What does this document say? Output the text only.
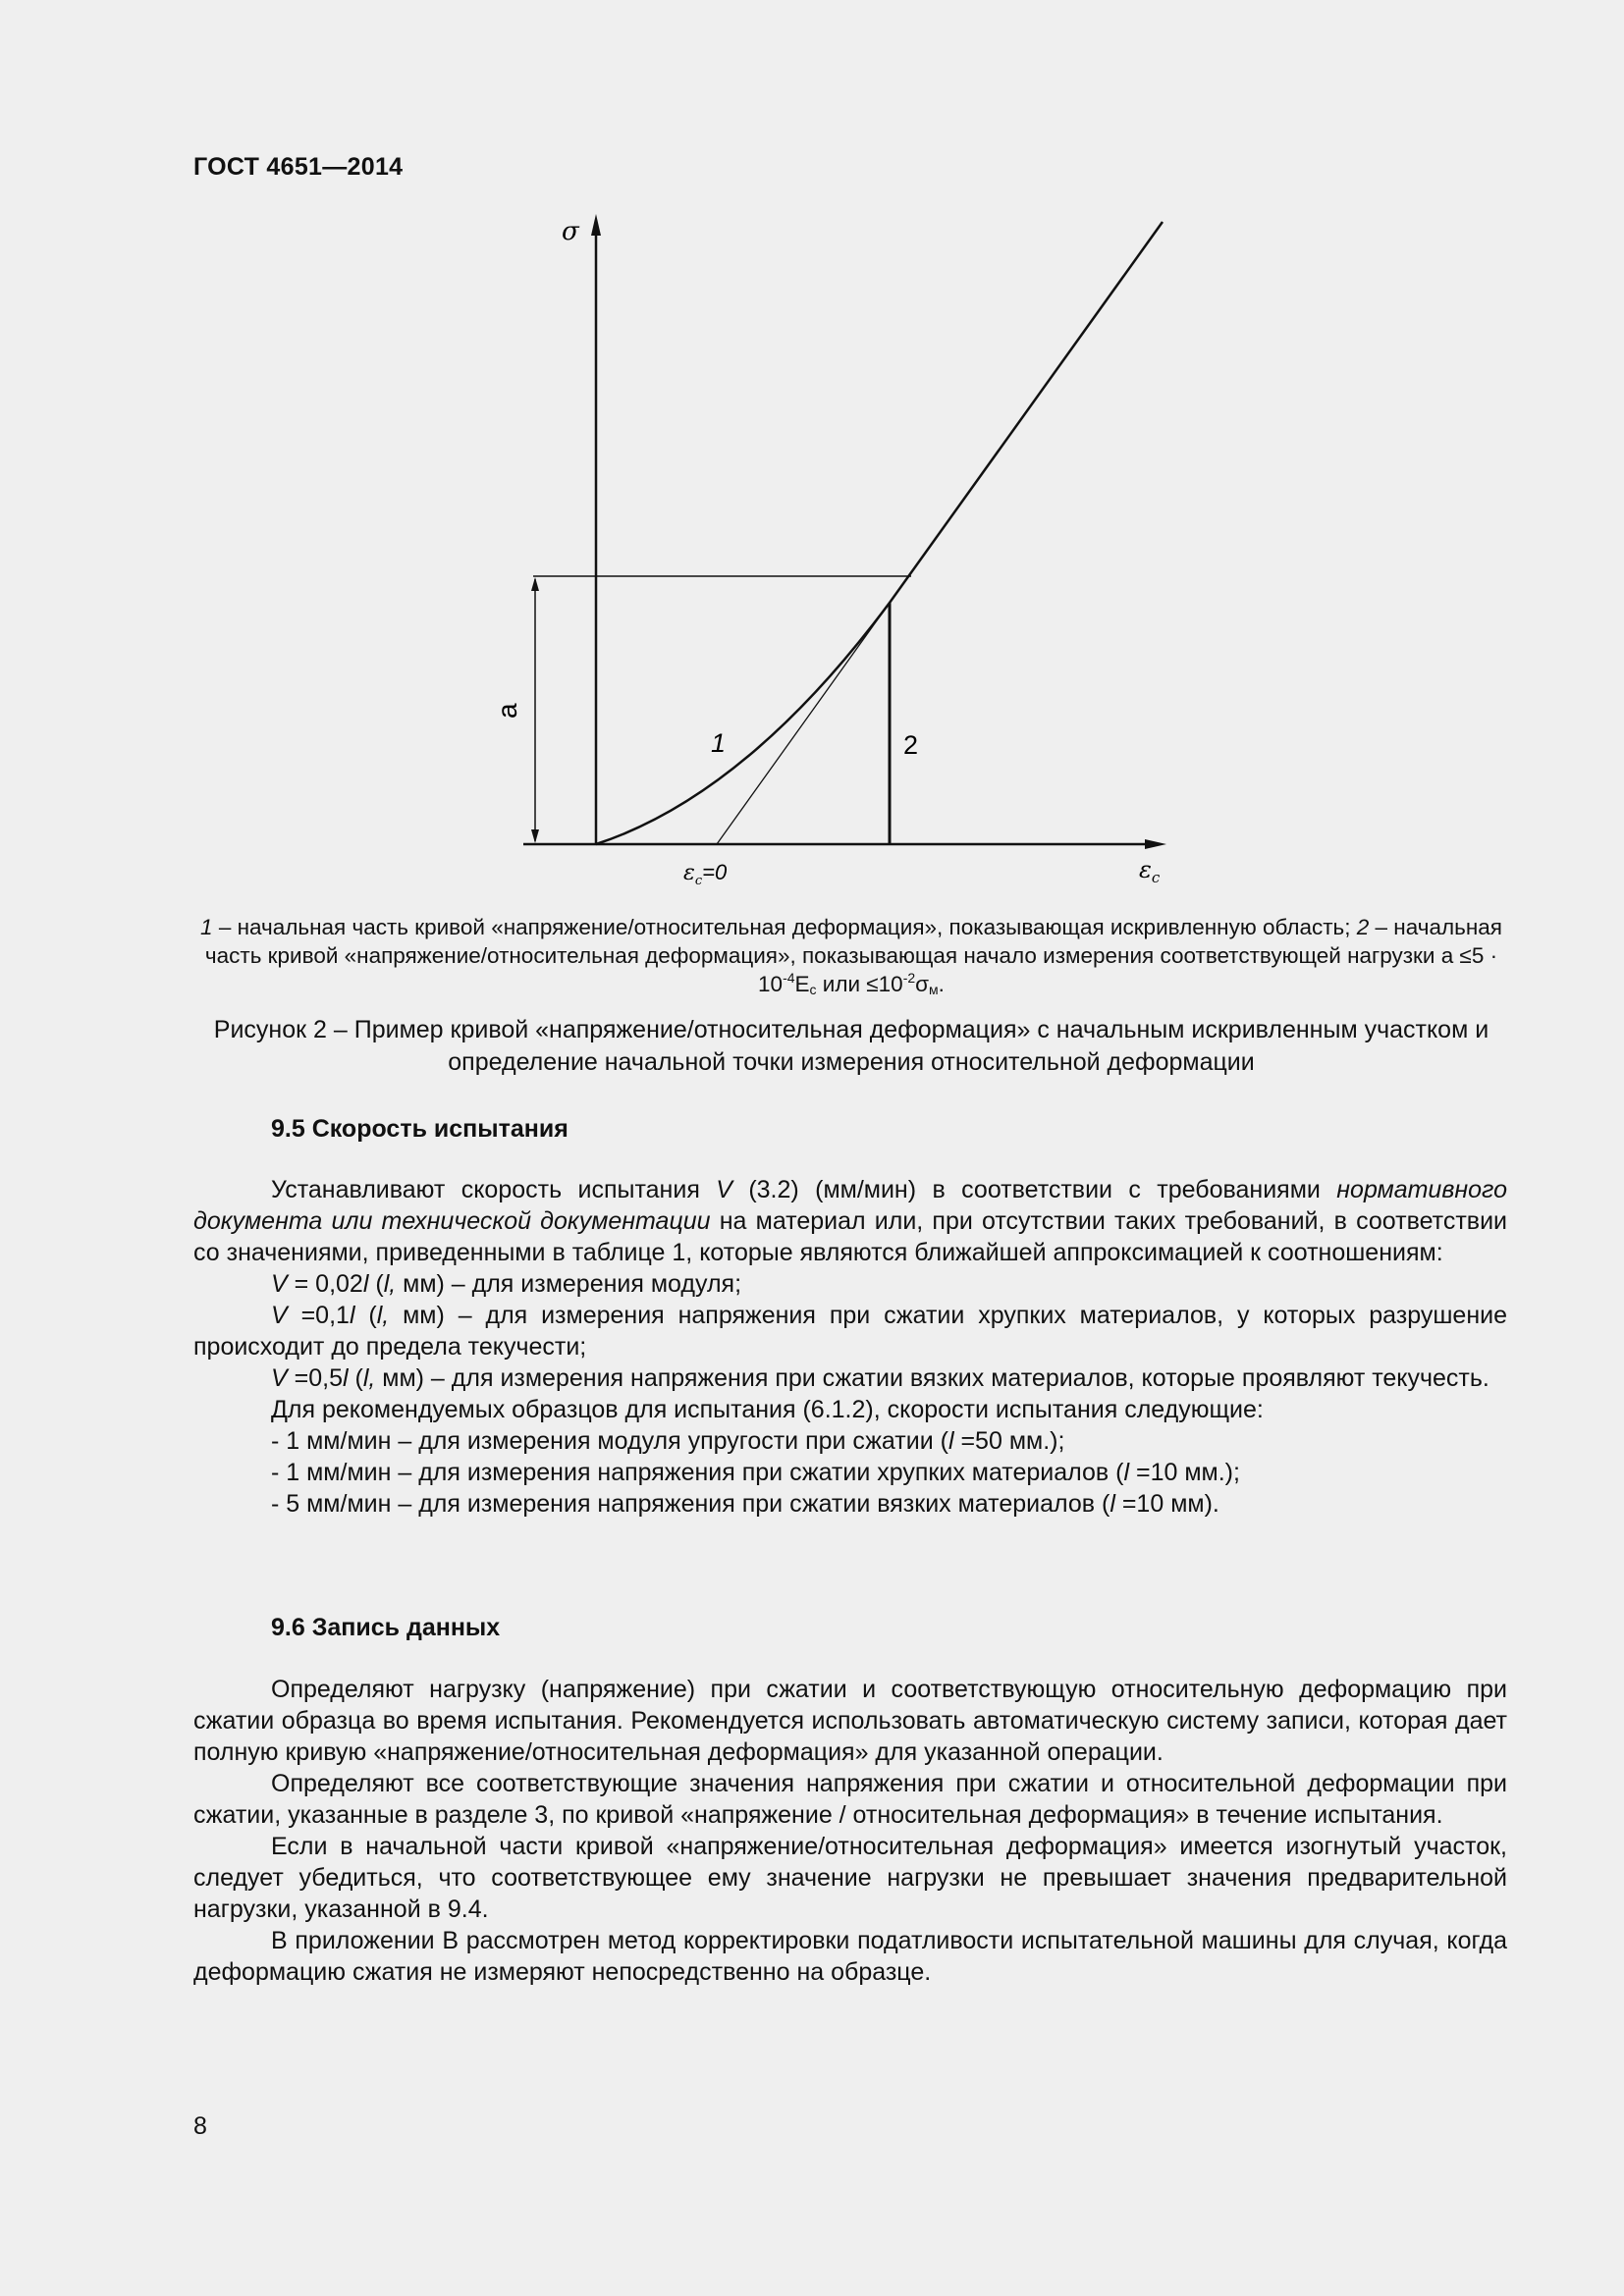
ГОСТ 4651—2014
σ
a
1	2
$\varepsilon_c=0$	$\varepsilon_c$
1 – начальная часть кривой «напряжение/относительная деформация», показывающая искривленную область; 2 – начальная часть кривой «напряжение/относительная деформация», показывающая начало измерения соответствующей нагрузки $а \le 5 \cdot 10^{-4}E_c$ или $\le 10^{-2}\sigma_м$.
Рисунок 2 – Пример кривой «напряжение/относительная деформация» с начальным искривленным участком и определение начальной точки измерения относительной деформации
9.5 Скорость испытания

Устанавливают скорость испытания V (3.2) (мм/мин) в соответствии с требованиями нормативного документа или технической документации на материал или, при отсутствии таких требований, в соответствии со значениями, приведенными в таблице 1, которые являются ближайшей аппроксимацией к соотношениям:

V = 0,02l (l, мм) – для измерения модуля;

V =0,1l (l, мм) – для измерения напряжения при сжатии хрупких материалов, у которых разрушение происходит до предела текучести;

V =0,5l (l, мм) – для измерения напряжения при сжатии вязких материалов, которые проявляют текучесть.

Для рекомендуемых образцов для испытания (6.1.2), скорости испытания следующие:

- 1 мм/мин – для измерения модуля упругости при сжатии (l =50 мм.);

- 1 мм/мин – для измерения напряжения при сжатии хрупких материалов (l =10 мм.);

- 5 мм/мин – для измерения напряжения при сжатии вязких материалов (l =10 мм).

9.6 Запись данных

Определяют нагрузку (напряжение) при сжатии и соответствующую относительную деформацию при сжатии образца во время испытания. Рекомендуется использовать автоматическую систему записи, которая дает полную кривую «напряжение/относительная деформация» для указанной операции.

Определяют все соответствующие значения напряжения при сжатии и относительной деформации при сжатии, указанные в разделе 3, по кривой «напряжение / относительная деформация» в течение испытания.

Если в начальной части кривой «напряжение/относительная деформация» имеется изогнутый участок, следует убедиться, что соответствующее ему значение нагрузки не превышает значения предварительной нагрузки, указанной в 9.4.

В приложении В рассмотрен метод корректировки податливости испытательной машины для случая, когда деформацию сжатия не измеряют непосредственно на образце.

8
